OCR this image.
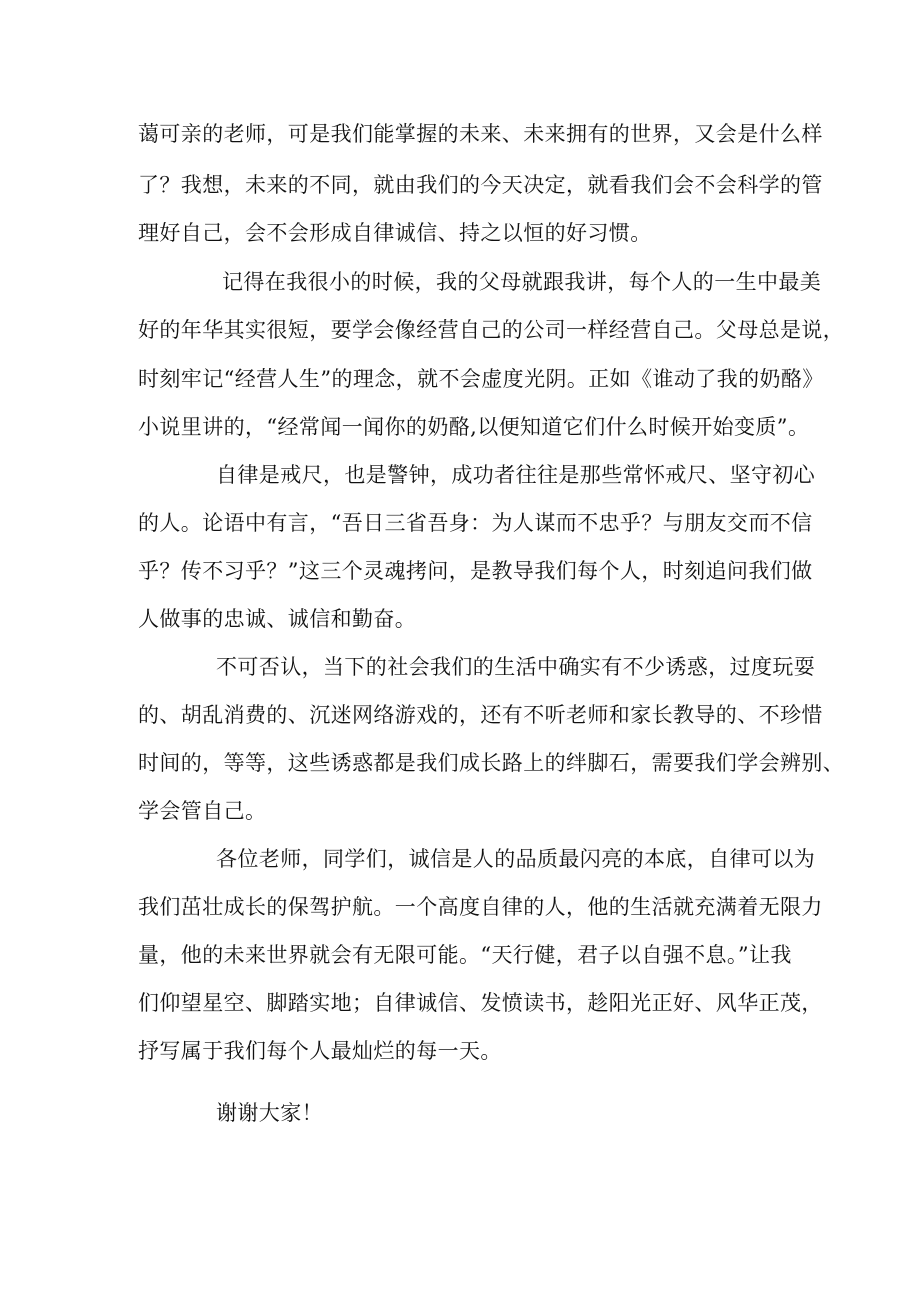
蔼可亲的老师，可是我们能掌握的未来、未来拥有的世界，又会是什么样
了？我想，未来的不同，就由我们的今天决定，就看我们会不会科学的管
理好自己，会不会形成自律诚信、持之以恒的好习惯。
记得在我很小的时候，我的父母就跟我讲，每个人的一生中最美
好的年华其实很短，要学会像经营自己的公司一样经营自己。父母总是说，
时刻牢记“经营人生”的理念，就不会虚度光阴。正如《谁动了我的奶酪》
小说里讲的，“经常闻一闻你的奶酪,以便知道它们什么时候开始变质”。
自律是戒尺，也是警钟，成功者往往是那些常怀戒尺、坚守初心
的人。论语中有言，“吾日三省吾身：为人谋而不忠乎？与朋友交而不信
乎？传不习乎？”这三个灵魂拷问，是教导我们每个人，时刻追问我们做
人做事的忠诚、诚信和勤奋。
不可否认，当下的社会我们的生活中确实有不少诱惑，过度玩耍
的、胡乱消费的、沉迷网络游戏的，还有不听老师和家长教导的、不珍惜
时间的，等等，这些诱惑都是我们成长路上的绊脚石，需要我们学会辨别、
学会管自己。
各位老师，同学们，诚信是人的品质最闪亮的本底，自律可以为
我们茁壮成长的保驾护航。一个高度自律的人，他的生活就充满着无限力
量，他的未来世界就会有无限可能。“天行健，君子以自强不息。”让我
们仰望星空、脚踏实地；自律诚信、发愤读书，趁阳光正好、风华正茂，
抒写属于我们每个人最灿烂的每一天。
谢谢大家！
